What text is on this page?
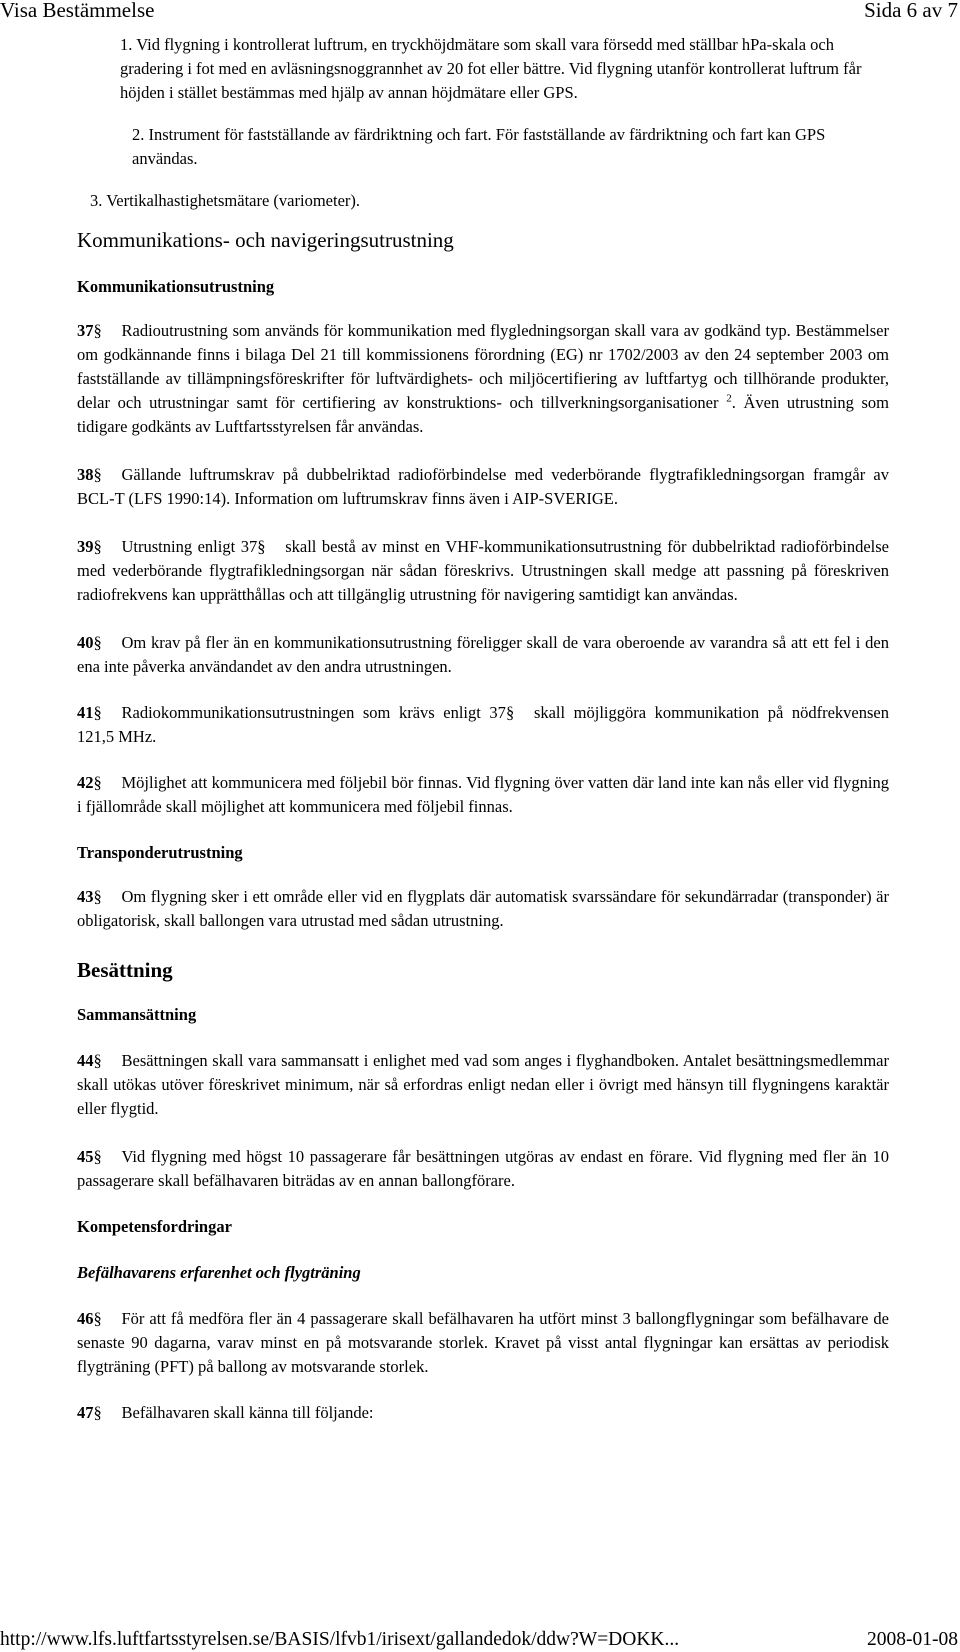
Visa Bestämmelse	Sida 6 av 7

1. Vid flygning i kontrollerat luftrum, en tryckhöjdmätare som skall vara försedd med ställbar hPa-skala och gradering i fot med en avläsningsnoggrannhet av 20 fot eller bättre. Vid flygning utanför kontrollerat luftrum får höjden i stället bestämmas med hjälp av annan höjdmätare eller GPS.

2. Instrument för fastställande av färdriktning och fart. För fastställande av färdriktning och fart kan GPS användas.

3. Vertikalhastighetsmätare (variometer).

Kommunikations- och navigeringsutrustning
Kommunikationsutrustning

37§ Radioutrustning som används för kommunikation med flygledningsorgan skall vara av godkänd typ. Bestämmelser om godkännande finns i bilaga Del 21 till kommissionens förordning (EG) nr 1702/2003 av den 24 september 2003 om fastställande av tillämpningsföreskrifter för luftvärdighets- och miljöcertifiering av luftfartyg och tillhörande produkter, delar och utrustningar samt för certifiering av konstruktions- och tillverkningsorganisationer $^2$. Även utrustning som tidigare godkänts av Luftfartsstyrelsen får användas.

38§ Gällande luftrumskrav på dubbelriktad radioförbindelse med vederbörande flygtrafikledningsorgan framgår av BCL-T (LFS 1990:14). Information om luftrumskrav finns även i AIP-SVERIGE.

39§ Utrustning enligt 37§ skall bestå av minst en VHF-kommunikationsutrustning för dubbelriktad radioförbindelse med vederbörande flygtrafikledningsorgan när sådan föreskrivs. Utrustningen skall medge att passning på föreskriven radiofrekvens kan upprätthållas och att tillgänglig utrustning för navigering samtidigt kan användas.

40§ Om krav på fler än en kommunikationsutrustning föreligger skall de vara oberoende av varandra så att ett fel i den ena inte påverka användandet av den andra utrustningen.

41§ Radiokommunikationsutrustningen som krävs enligt 37§ skall möjliggöra kommunikation på nödfrekvensen 121,5 MHz.

42§ Möjlighet att kommunicera med följebil bör finnas. Vid flygning över vatten där land inte kan nås eller vid flygning i fjällområde skall möjlighet att kommunicera med följebil finnas.

Transponderutrustning

43§ Om flygning sker i ett område eller vid en flygplats där automatisk svarssändare för sekundärradar (transponder) är obligatorisk, skall ballongen vara utrustad med sådan utrustning.

Besättning
Sammansättning

44§ Besättningen skall vara sammansatt i enlighet med vad som anges i flyghandboken. Antalet besättningsmedlemmar skall utökas utöver föreskrivet minimum, när så erfordras enligt nedan eller i övrigt med hänsyn till flygningens karaktär eller flygtid.

45§ Vid flygning med högst 10 passagerare får besättningen utgöras av endast en förare. Vid flygning med fler än 10 passagerare skall befälhavaren biträdas av en annan ballongförare.

Kompetensfordringar
Befälhavarens erfarenhet och flygträning

46§ För att få medföra fler än 4 passagerare skall befälhavaren ha utfört minst 3 ballongflygningar som befälhavare de senaste 90 dagarna, varav minst en på motsvarande storlek. Kravet på visst antal flygningar kan ersättas av periodisk flygträning (PFT) på ballong av motsvarande storlek.

47§ Befälhavaren skall känna till följande:

http://www.lfs.luftfartsstyrelsen.se/BASIS/lfvb1/irisext/gallandedok/ddw?W=DOKK...	2008-01-08
